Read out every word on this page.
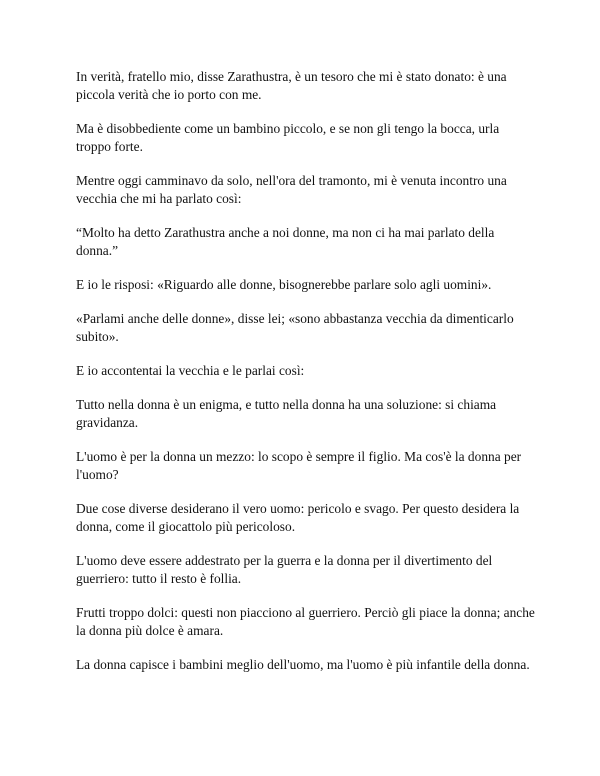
In verità, fratello mio, disse Zarathustra, è un tesoro che mi è stato donato: è una piccola verità che io porto con me.

Ma è disobbediente come un bambino piccolo, e se non gli tengo la bocca, urla troppo forte.

Mentre oggi camminavo da solo, nell'ora del tramonto, mi è venuta incontro una vecchia che mi ha parlato così:

“Molto ha detto Zarathustra anche a noi donne, ma non ci ha mai parlato della donna.”

E io le risposi: «Riguardo alle donne, bisognerebbe parlare solo agli uomini».

«Parlami anche delle donne», disse lei; «sono abbastanza vecchia da dimenticarlo subito».

E io accontentai la vecchia e le parlai così:

Tutto nella donna è un enigma, e tutto nella donna ha una soluzione: si chiama gravidanza.

L'uomo è per la donna un mezzo: lo scopo è sempre il figlio. Ma cos'è la donna per l'uomo?

Due cose diverse desiderano il vero uomo: pericolo e svago. Per questo desidera la donna, come il giocattolo più pericoloso.

L'uomo deve essere addestrato per la guerra e la donna per il divertimento del guerriero: tutto il resto è follia.

Frutti troppo dolci: questi non piacciono al guerriero. Perciò gli piace la donna; anche la donna più dolce è amara.

La donna capisce i bambini meglio dell'uomo, ma l'uomo è più infantile della donna.
